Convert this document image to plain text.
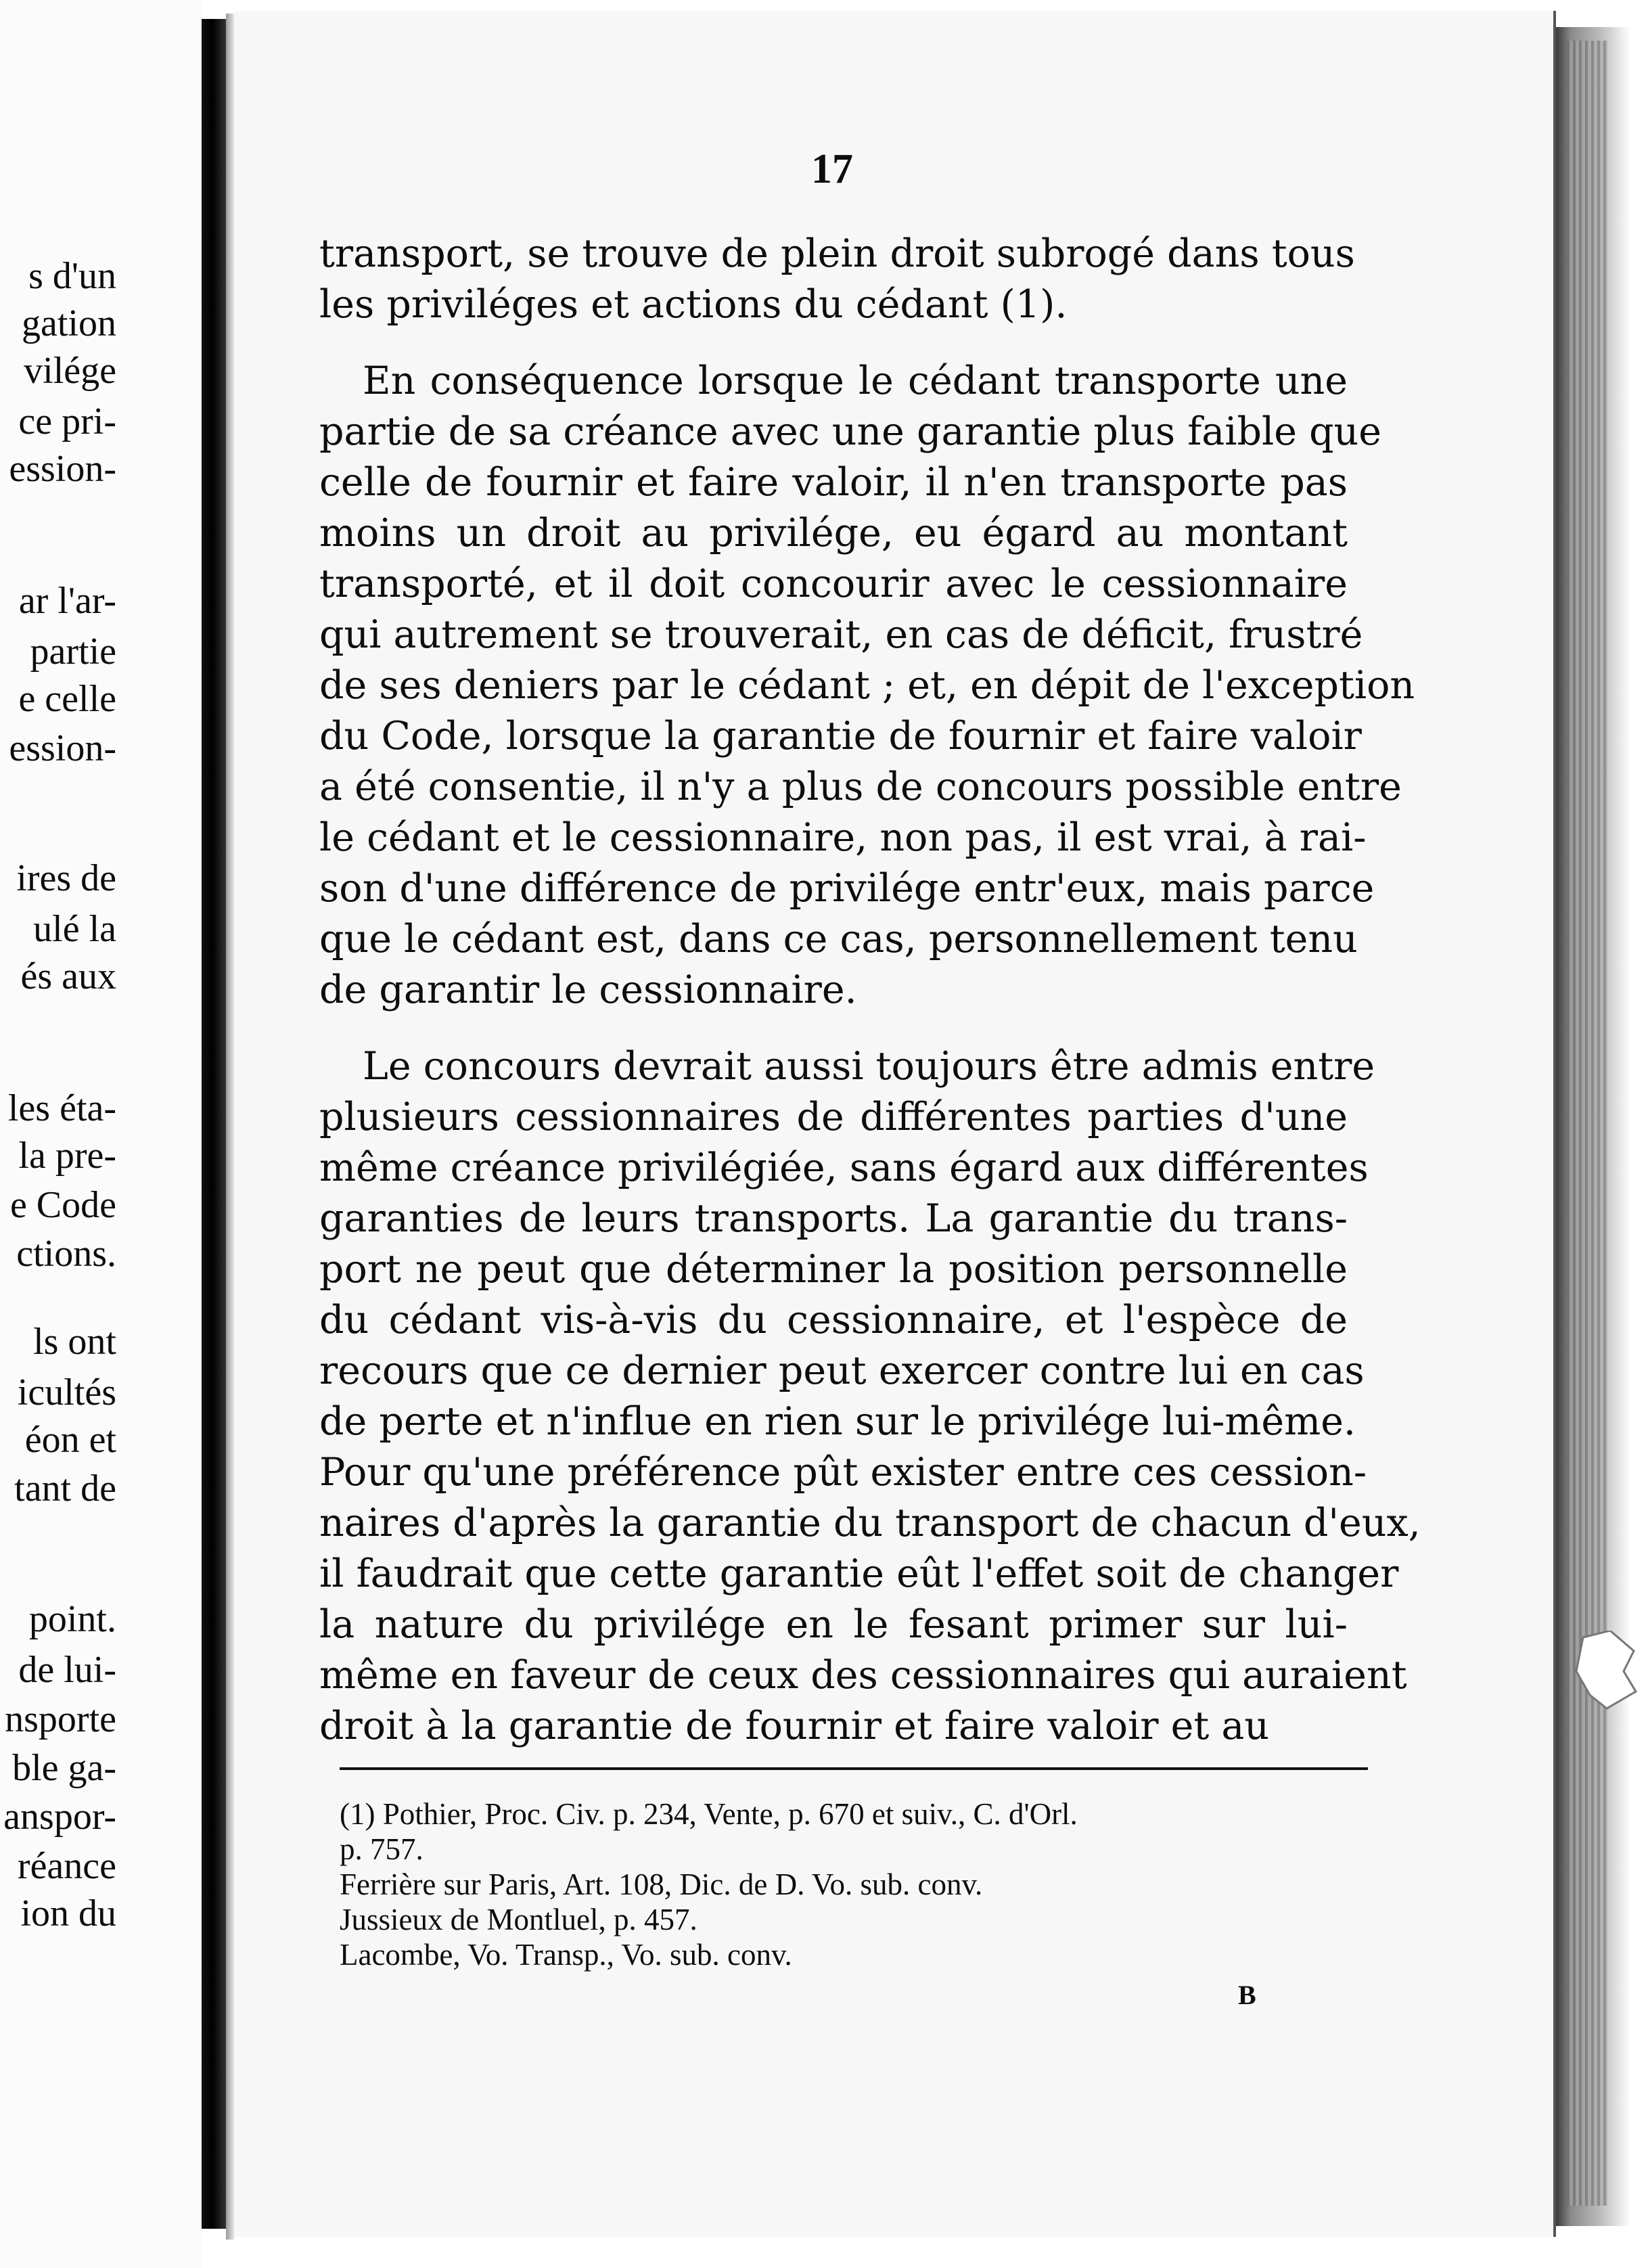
s d'un
gation
vilége
ce pri-
ession-
ar l'ar-
partie
e celle
ession-
ires de
ulé la
és aux
les éta-
la pre-
e Code
ctions.
ls ont
icultés
éon et
tant de
point.
de lui-
nsporte
ble ga-
anspor-
réance
ion du
17
transport, se trouve de plein droit subrogé dans tous
les priviléges et actions du cédant (1).
En conséquence lorsque le cédant transporte une
partie de sa créance avec une garantie plus faible que
celle de fournir et faire valoir, il n'en transporte pas
moins un droit au privilége, eu égard au montant
transporté, et il doit concourir avec le cessionnaire
qui autrement se trouverait, en cas de déficit, frustré
de ses deniers par le cédant ; et, en dépit de l'exception
du Code, lorsque la garantie de fournir et faire valoir
a été consentie, il n'y a plus de concours possible entre
le cédant et le cessionnaire, non pas, il est vrai, à rai-
son d'une différence de privilége entr'eux, mais parce
que le cédant est, dans ce cas, personnellement tenu
de garantir le cessionnaire.
Le concours devrait aussi toujours être admis entre
plusieurs cessionnaires de différentes parties d'une
même créance privilégiée, sans égard aux différentes
garanties de leurs transports. La garantie du trans-
port ne peut que déterminer la position personnelle
du cédant vis-à-vis du cessionnaire, et l'espèce de
recours que ce dernier peut exercer contre lui en cas
de perte et n'influe en rien sur le privilége lui-même.
Pour qu'une préférence pût exister entre ces cession-
naires d'après la garantie du transport de chacun d'eux,
il faudrait que cette garantie eût l'effet soit de changer
la nature du privilége en le fesant primer sur lui-
même en faveur de ceux des cessionnaires qui auraient
droit à la garantie de fournir et faire valoir et au
(1) Pothier, Proc. Civ. p. 234, Vente, p. 670 et suiv., C. d'Orl.
p. 757.
Ferrière sur Paris, Art. 108, Dic. de D. Vo. sub. conv.
Jussieux de Montluel, p. 457.
Lacombe, Vo. Transp., Vo. sub. conv.
B
